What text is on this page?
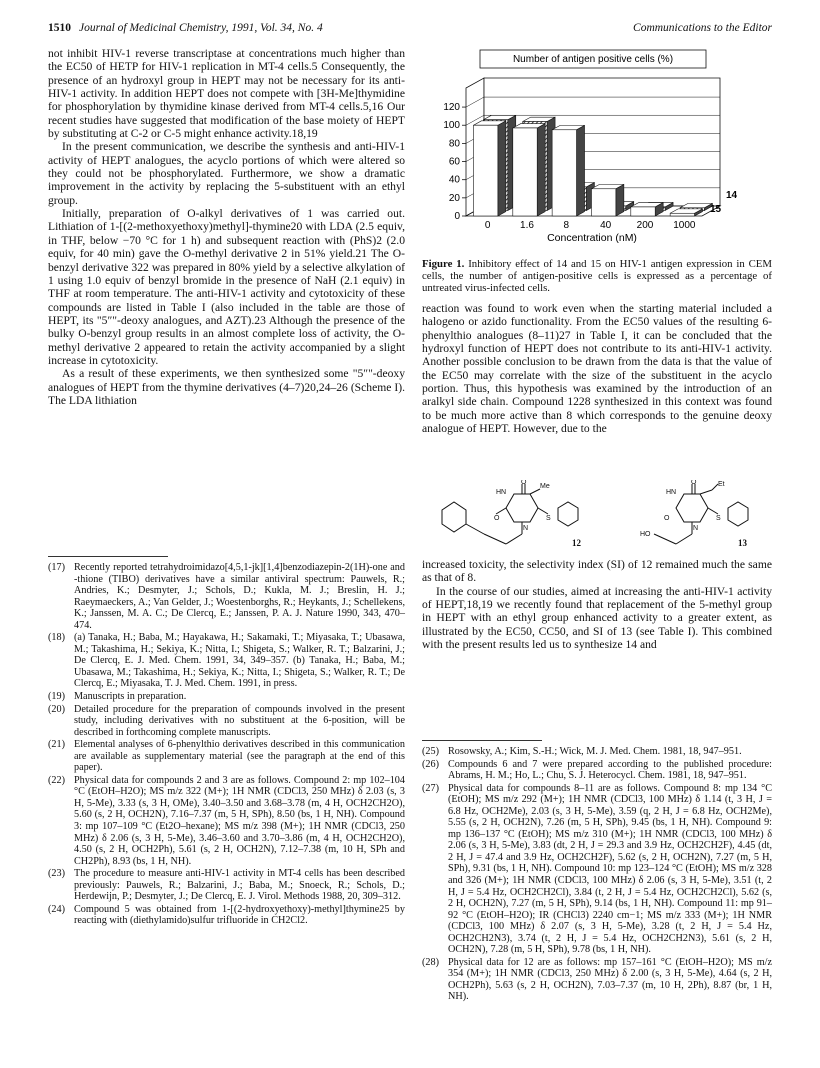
1510 Journal of Medicinal Chemistry, 1991, Vol. 34, No. 4	Communications to the Editor

not inhibit HIV-1 reverse transcriptase at concentrations much higher than the EC50 of HETP for HIV-1 replication in MT-4 cells.5 Consequently, the presence of an hydroxyl group in HEPT may not be necessary for its anti-HIV-1 activity. In addition HEPT does not compete with [3H-Me]thymidine for phosphorylation by thymidine kinase derived from MT-4 cells.5,16 Our recent studies have suggested that modification of the base moiety of HEPT by substituting at C-2 or C-5 might enhance activity.18,19

In the present communication, we describe the synthesis and anti-HIV-1 activity of HEPT analogues, the acyclo portions of which were altered so they could not be phosphorylated. Furthermore, we show a dramatic improvement in the activity by replacing the 5-substituent with an ethyl group.

Initially, preparation of O-alkyl derivatives of 1 was carried out. Lithiation of 1-[(2-methoxyethoxy)methyl]-thymine20 with LDA (2.5 equiv, in THF, below −70 °C for 1 h) and subsequent reaction with (PhS)2 (2.0 equiv, for 40 min) gave the O-methyl derivative 2 in 51% yield.21 The O-benzyl derivative 322 was prepared in 80% yield by a selective alkylation of 1 using 1.0 equiv of benzyl bromide in the presence of NaH (2.1 equiv) in THF at room temperature. The anti-HIV-1 activity and cytotoxicity of these compounds are listed in Table I (also included in the table are those of HEPT, its "5″"-deoxy analogues, and AZT).23 Although the presence of the bulky O-benzyl group results in an almost complete loss of activity, the O-methyl derivative 2 appeared to retain the activity accompanied by a slight increase in cytotoxicity.

As a result of these experiments, we then synthesized some "5″"-deoxy analogues of HEPT from the thymine derivatives (4–7)20,24–26 (Scheme I). The LDA lithiation

Number of antigen positive cells (%)
0
20
40
60
80
100
120
0	1.6	8	40	200 1000
Concentration (nM)
14
15
Figure 1. Inhibitory effect of 14 and 15 on HIV-1 antigen expression in CEM cells, the number of antigen-positive cells is expressed as a percentage of untreated virus-infected cells.

reaction was found to work even when the starting material included a halogeno or azido functionality. From the EC50 values of the resulting 6-phenylthio analogues (8–11)27 in Table I, it can be concluded that the hydroxyl function of HEPT does not contribute to its anti-HIV-1 activity. Another possible conclusion to be drawn from the data is that the value of the EC50 may correlate with the size of the substituent in the acyclo portion. Thus, this hypothesis was examined by the introduction of an aralkyl side chain. Compound 1228 synthesized in this context was found to be much more active than 8 which corresponds to the genuine deoxy analogue of HEPT. However, due to the

O
HN
Me
O
N
S
O
HN
Et
O
N
S
HO
12	13

increased toxicity, the selectivity index (SI) of 12 remained much the same as that of 8.

In the course of our studies, aimed at increasing the anti-HIV-1 activity of HEPT,18,19 we recently found that replacement of the 5-methyl group in HEPT with an ethyl group enhanced activity to a greater extent, as illustrated by the EC50, CC50, and SI of 13 (see Table I). This combined with the present results led us to synthesize 14 and

(17) Recently reported tetrahydroimidazo[4,5,1-jk][1,4]benzodiazepin-2(1H)-one and -thione (TIBO) derivatives have a similar antiviral spectrum: Pauwels, R.; Andries, K.; Desmyter, J.; Schols, D.; Kukla, M. J.; Breslin, H. J.; Raeymaeckers, A.; Van Gelder, J.; Woestenborghs, R.; Heykants, J.; Schellekens, K.; Janssen, M. A. C.; De Clercq, E.; Janssen, P. A. J. Nature 1990, 343, 470–474.
(18) (a) Tanaka, H.; Baba, M.; Hayakawa, H.; Sakamaki, T.; Miyasaka, T.; Ubasawa, M.; Takashima, H.; Sekiya, K.; Nitta, I.; Shigeta, S.; Walker, R. T.; Balzarini, J.; De Clercq, E. J. Med. Chem. 1991, 34, 349–357. (b) Tanaka, H.; Baba, M.; Ubasawa, M.; Takashima, H.; Sekiya, K.; Nitta, I.; Shigeta, S.; Walker, R. T.; De Clercq, E.; Miyasaka, T. J. Med. Chem. 1991, in press.
(19) Manuscripts in preparation.
(20) Detailed procedure for the preparation of compounds involved in the present study, including derivatives with no substituent at the 6-position, will be described in forthcoming complete manuscripts.
(21) Elemental analyses of 6-phenylthio derivatives described in this communication are available as supplementary material (see the paragraph at the end of this paper).
(22) Physical data for compounds 2 and 3 are as follows. Compound 2: mp 102–104 °C (EtOH–H2O); MS m/z 322 (M+); 1H NMR (CDCl3, 250 MHz) δ 2.03 (s, 3 H, 5-Me), 3.33 (s, 3 H, OMe), 3.40–3.50 and 3.68–3.78 (m, 4 H, OCH2CH2O), 5.60 (s, 2 H, OCH2N), 7.16–7.37 (m, 5 H, SPh), 8.50 (bs, 1 H, NH). Compound 3: mp 107–109 °C (Et2O–hexane); MS m/z 398 (M+); 1H NMR (CDCl3, 250 MHz) δ 2.06 (s, 3 H, 5-Me), 3.46–3.60 and 3.70–3.86 (m, 4 H, OCH2CH2O), 4.50 (s, 2 H, OCH2Ph), 5.61 (s, 2 H, OCH2N), 7.12–7.38 (m, 10 H, SPh and CH2Ph), 8.93 (bs, 1 H, NH).
(23) The procedure to measure anti-HIV-1 activity in MT-4 cells has been described previously: Pauwels, R.; Balzarini, J.; Baba, M.; Snoeck, R.; Schols, D.; Herdewijn, P.; Desmyter, J.; De Clercq, E. J. Virol. Methods 1988, 20, 309–312.
(24) Compound 5 was obtained from 1-[(2-hydroxyethoxy)-methyl]thymine25 by reacting with (diethylamido)sulfur trifluoride in CH2Cl2.
(25) Rosowsky, A.; Kim, S.-H.; Wick, M. J. Med. Chem. 1981, 18, 947–951.
(26) Compounds 6 and 7 were prepared according to the published procedure: Abrams, H. M.; Ho, L.; Chu, S. J. Heterocycl. Chem. 1981, 18, 947–951.
(27) Physical data for compounds 8–11 are as follows. Compound 8: mp 134 °C (EtOH); MS m/z 292 (M+); 1H NMR (CDCl3, 100 MHz) δ 1.14 (t, 3 H, J = 6.8 Hz, OCH2Me), 2.03 (s, 3 H, 5-Me), 3.59 (q, 2 H, J = 6.8 Hz, OCH2Me), 5.55 (s, 2 H, OCH2N), 7.26 (m, 5 H, SPh), 9.45 (bs, 1 H, NH). Compound 9: mp 136–137 °C (EtOH); MS m/z 310 (M+); 1H NMR (CDCl3, 100 MHz) δ 2.06 (s, 3 H, 5-Me), 3.83 (dt, 2 H, J = 29.3 and 3.9 Hz, OCH2CH2F), 4.45 (dt, 2 H, J = 47.4 and 3.9 Hz, OCH2CH2F), 5.62 (s, 2 H, OCH2N), 7.27 (m, 5 H, SPh), 9.31 (bs, 1 H, NH). Compound 10: mp 123–124 °C (EtOH); MS m/z 328 and 326 (M+); 1H NMR (CDCl3, 100 MHz) δ 2.06 (s, 3 H, 5-Me), 3.51 (t, 2 H, J = 5.4 Hz, OCH2CH2Cl), 3.84 (t, 2 H, J = 5.4 Hz, OCH2CH2Cl), 5.62 (s, 2 H, OCH2N), 7.27 (m, 5 H, SPh), 9.14 (bs, 1 H, NH). Compound 11: mp 91–92 °C (EtOH–H2O); IR (CHCl3) 2240 cm−1; MS m/z 333 (M+); 1H NMR (CDCl3, 100 MHz) δ 2.07 (s, 3 H, 5-Me), 3.28 (t, 2 H, J = 5.4 Hz, OCH2CH2N3), 3.74 (t, 2 H, J = 5.4 Hz, OCH2CH2N3), 5.61 (s, 2 H, OCH2N), 7.28 (m, 5 H, SPh), 9.78 (bs, 1 H, NH).
(28) Physical data for 12 are as follows: mp 157–161 °C (EtOH–H2O); MS m/z 354 (M+); 1H NMR (CDCl3, 250 MHz) δ 2.00 (s, 3 H, 5-Me), 4.64 (s, 2 H, OCH2Ph), 5.63 (s, 2 H, OCH2N), 7.03–7.37 (m, 10 H, 2Ph), 8.87 (br, 1 H, NH).
